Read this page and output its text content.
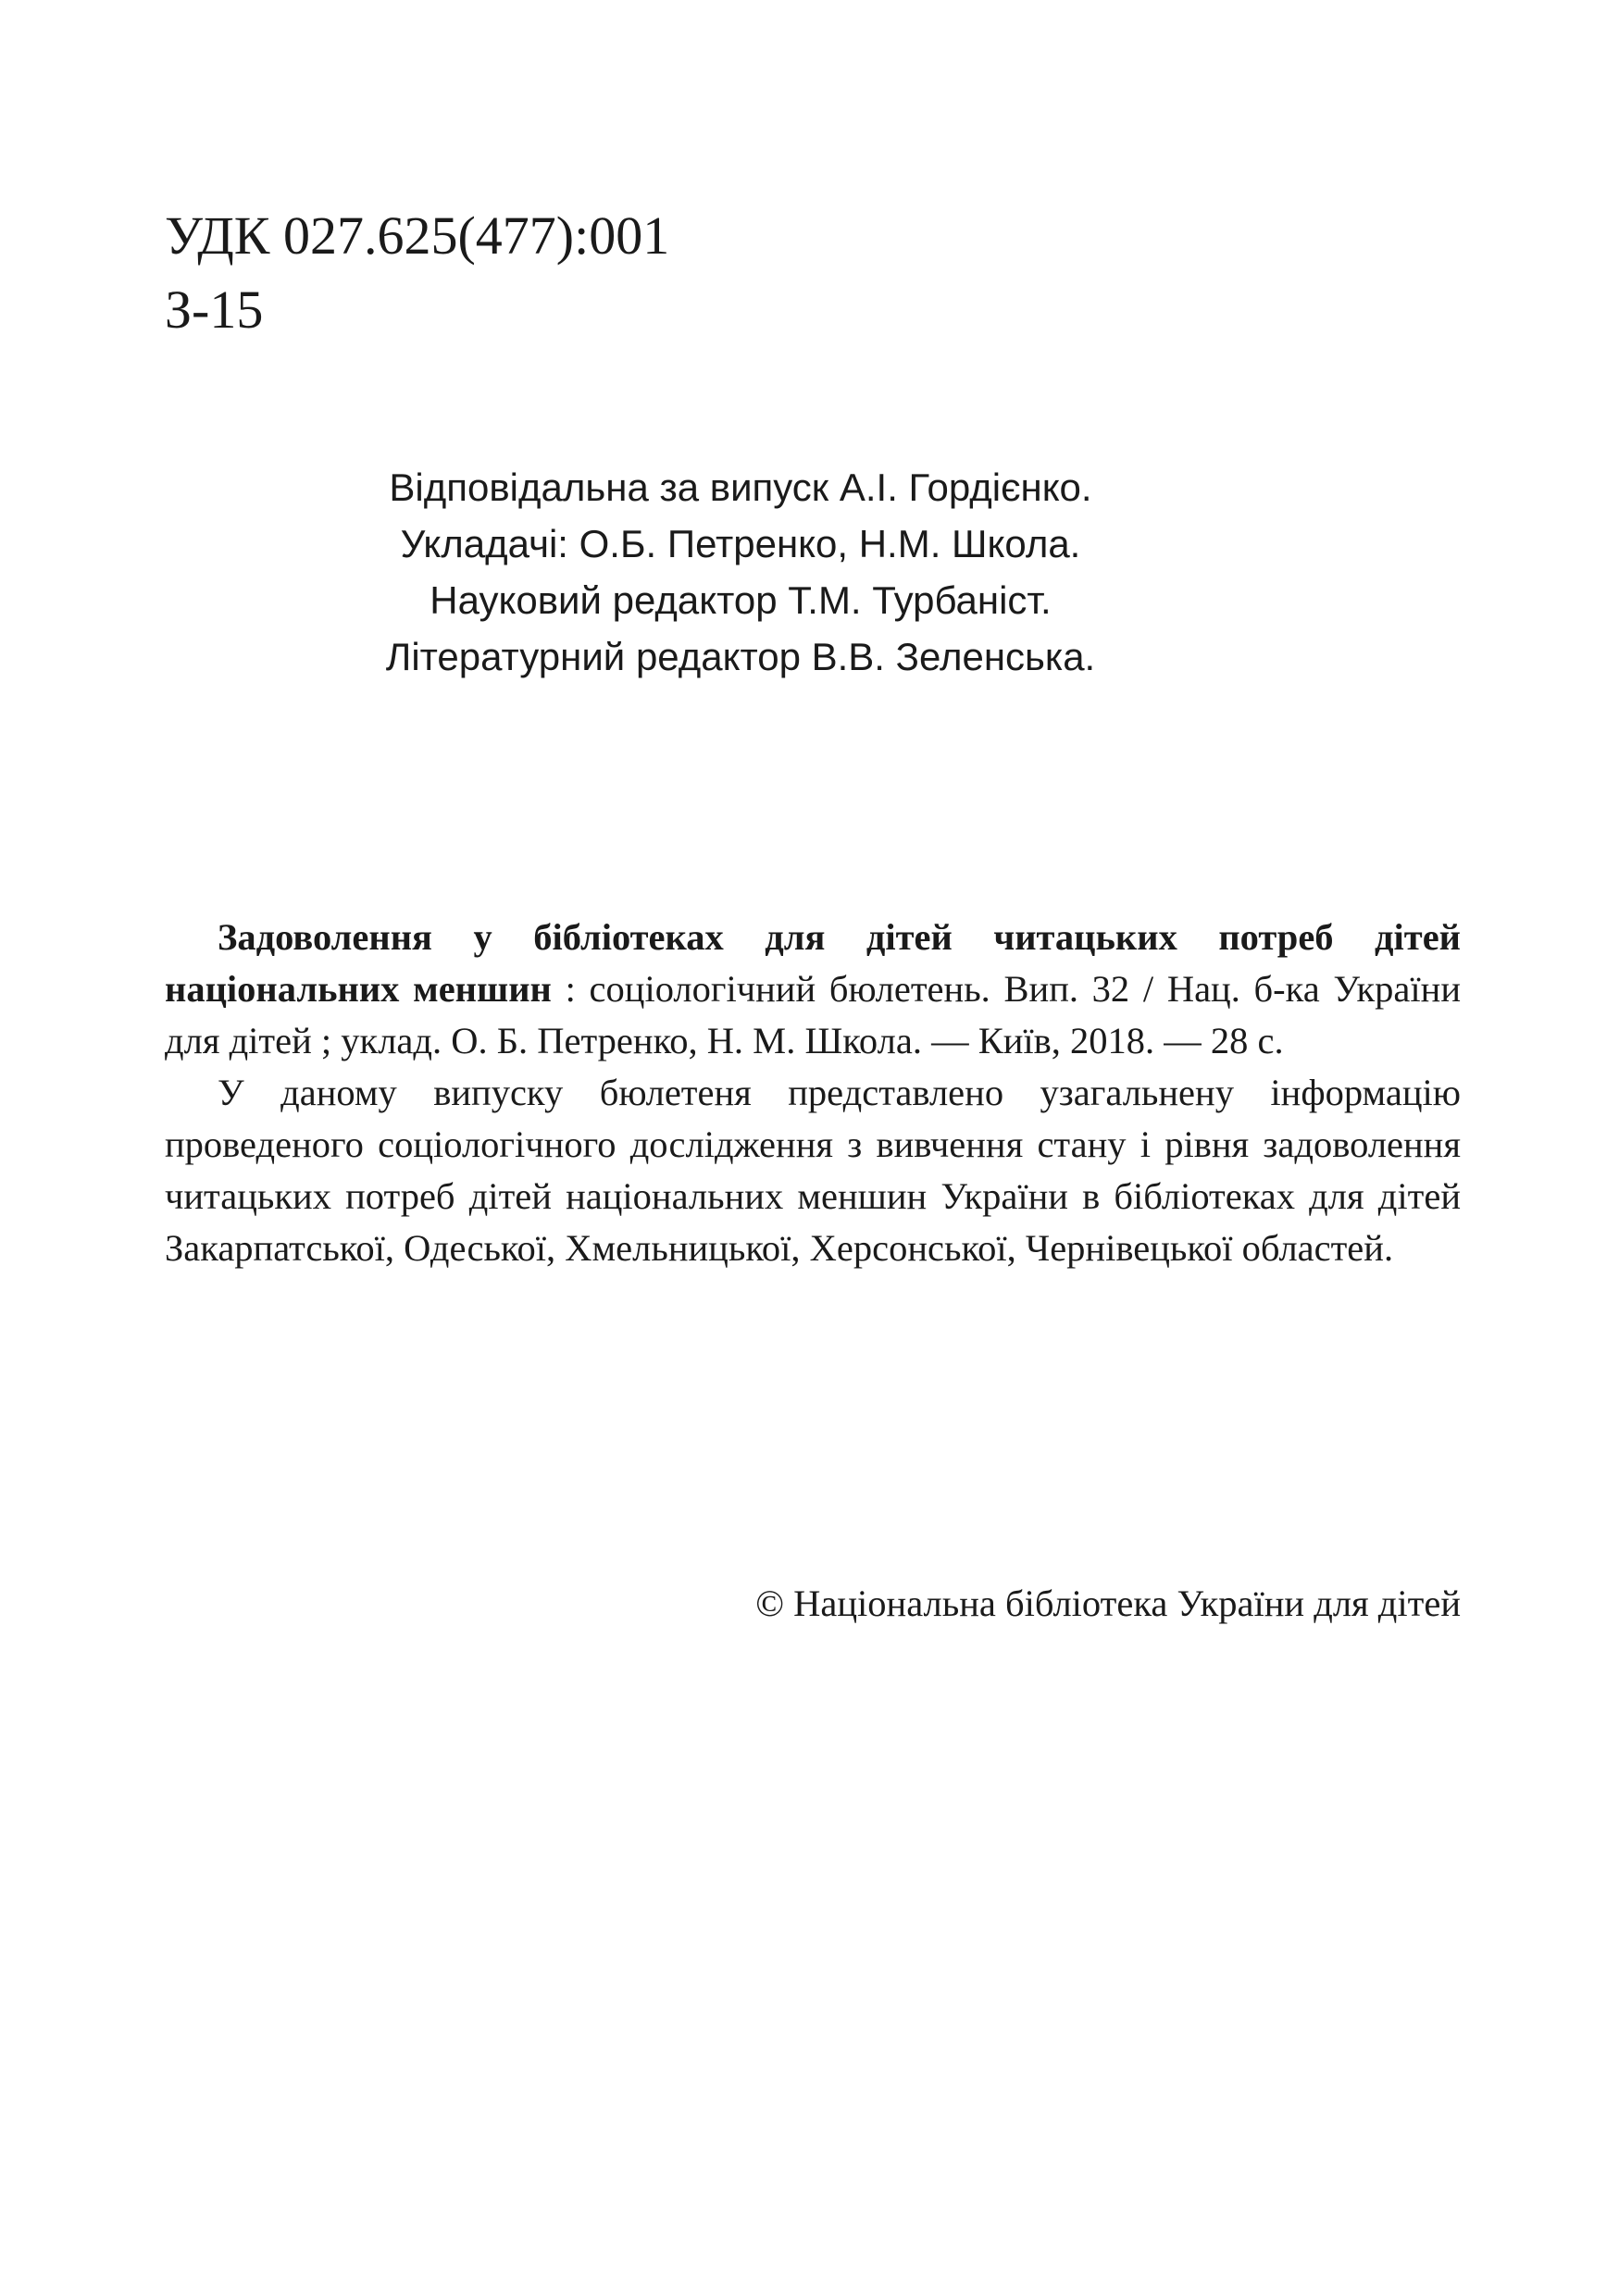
УДК 027.625(477):001
З-15
Відповідальна за випуск А.І. Гордієнко.
Укладачі: О.Б. Петренко, Н.М. Школа.
Науковий редактор Т.М. Турбаніст.
Літературний редактор В.В. Зеленська.

Задоволення у бібліотеках для дітей читацьких потреб дітей національних меншин : соціологічний бюлетень. Вип. 32 / Нац. б-ка України для дітей ; уклад. О. Б. Петренко, Н. М. Школа. — Київ, 2018. — 28 с.

У даному випуску бюлетеня представлено узагальнену інформацію проведеного соціологічного дослідження з вивчення стану і рівня задоволення читацьких потреб дітей національних меншин України в бібліотеках для дітей Закарпатської, Одеської, Хмельницької, Херсонської, Чернівецької областей.

© Національна бібліотека України для дітей
